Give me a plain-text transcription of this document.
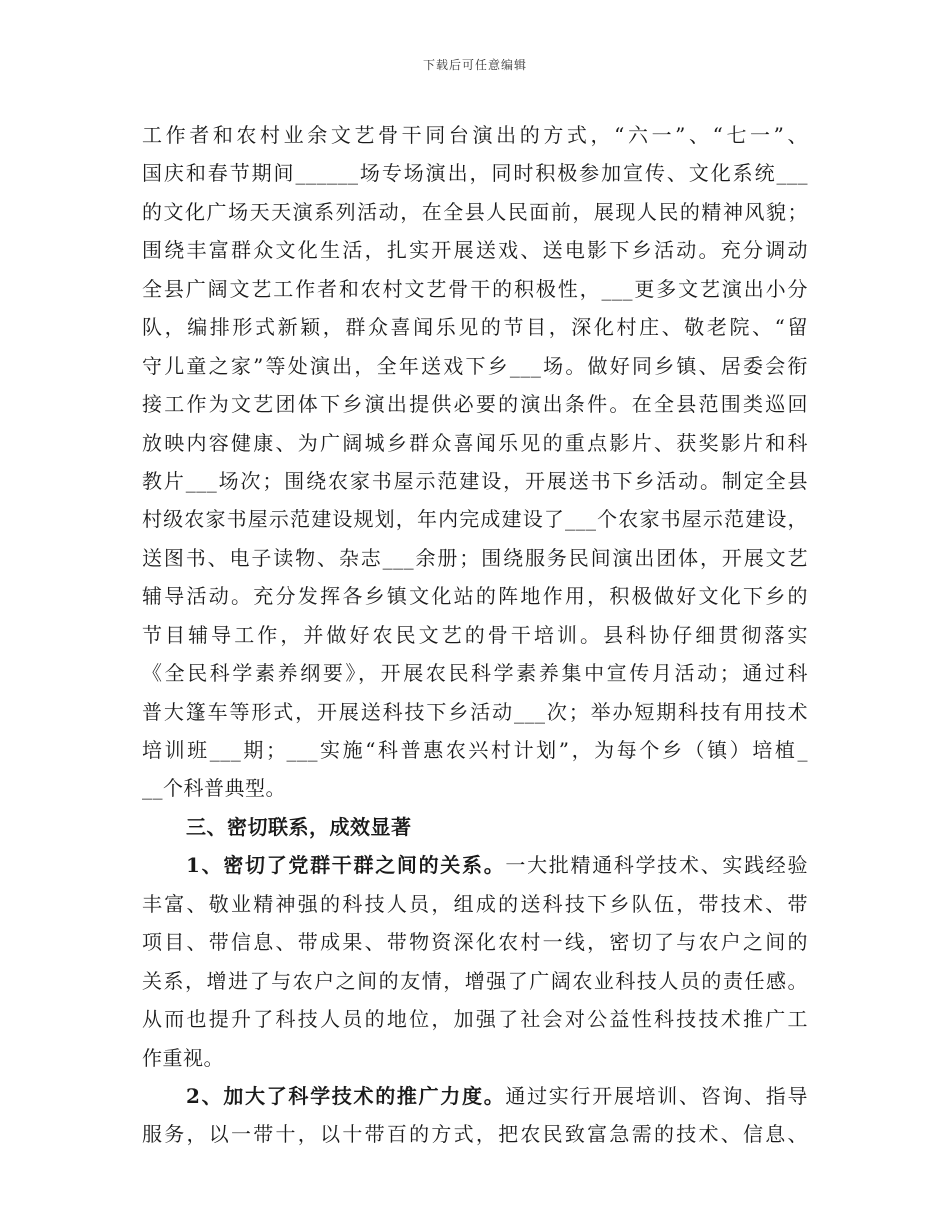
下载后可任意编辑
工作者和农村业余文艺骨干同台演出的方式，“六一”、“七一”、
国庆和春节期间______场专场演出，同时积极参加宣传、文化系统___
的文化广场天天演系列活动，在全县人民面前，展现人民的精神风貌；
围绕丰富群众文化生活，扎实开展送戏、送电影下乡活动。充分调动
全县广阔文艺工作者和农村文艺骨干的积极性，___更多文艺演出小分
队，编排形式新颖，群众喜闻乐见的节目，深化村庄、敬老院、“留
守儿童之家”等处演出，全年送戏下乡___场。做好同乡镇、居委会衔
接工作为文艺团体下乡演出提供必要的演出条件。在全县范围类巡回
放映内容健康、为广阔城乡群众喜闻乐见的重点影片、获奖影片和科
教片___场次；围绕农家书屋示范建设，开展送书下乡活动。制定全县
村级农家书屋示范建设规划，年内完成建设了___个农家书屋示范建设，
送图书、电子读物、杂志___余册；围绕服务民间演出团体，开展文艺
辅导活动。充分发挥各乡镇文化站的阵地作用，积极做好文化下乡的
节目辅导工作，并做好农民文艺的骨干培训。县科协仔细贯彻落实
《全民科学素养纲要》，开展农民科学素养集中宣传月活动；通过科
普大篷车等形式，开展送科技下乡活动___次；举办短期科技有用技术
培训班___期；___实施“科普惠农兴村计划”，为每个乡（镇）培植_
__个科普典型。
三、密切联系，成效显著
1、密切了党群干群之间的关系。一大批精通科学技术、实践经验
丰富、敬业精神强的科技人员，组成的送科技下乡队伍，带技术、带
项目、带信息、带成果、带物资深化农村一线，密切了与农户之间的
关系，增进了与农户之间的友情，增强了广阔农业科技人员的责任感。
从而也提升了科技人员的地位，加强了社会对公益性科技技术推广工
作重视。
2、加大了科学技术的推广力度。通过实行开展培训、咨询、指导
服务，以一带十，以十带百的方式，把农民致富急需的技术、信息、
